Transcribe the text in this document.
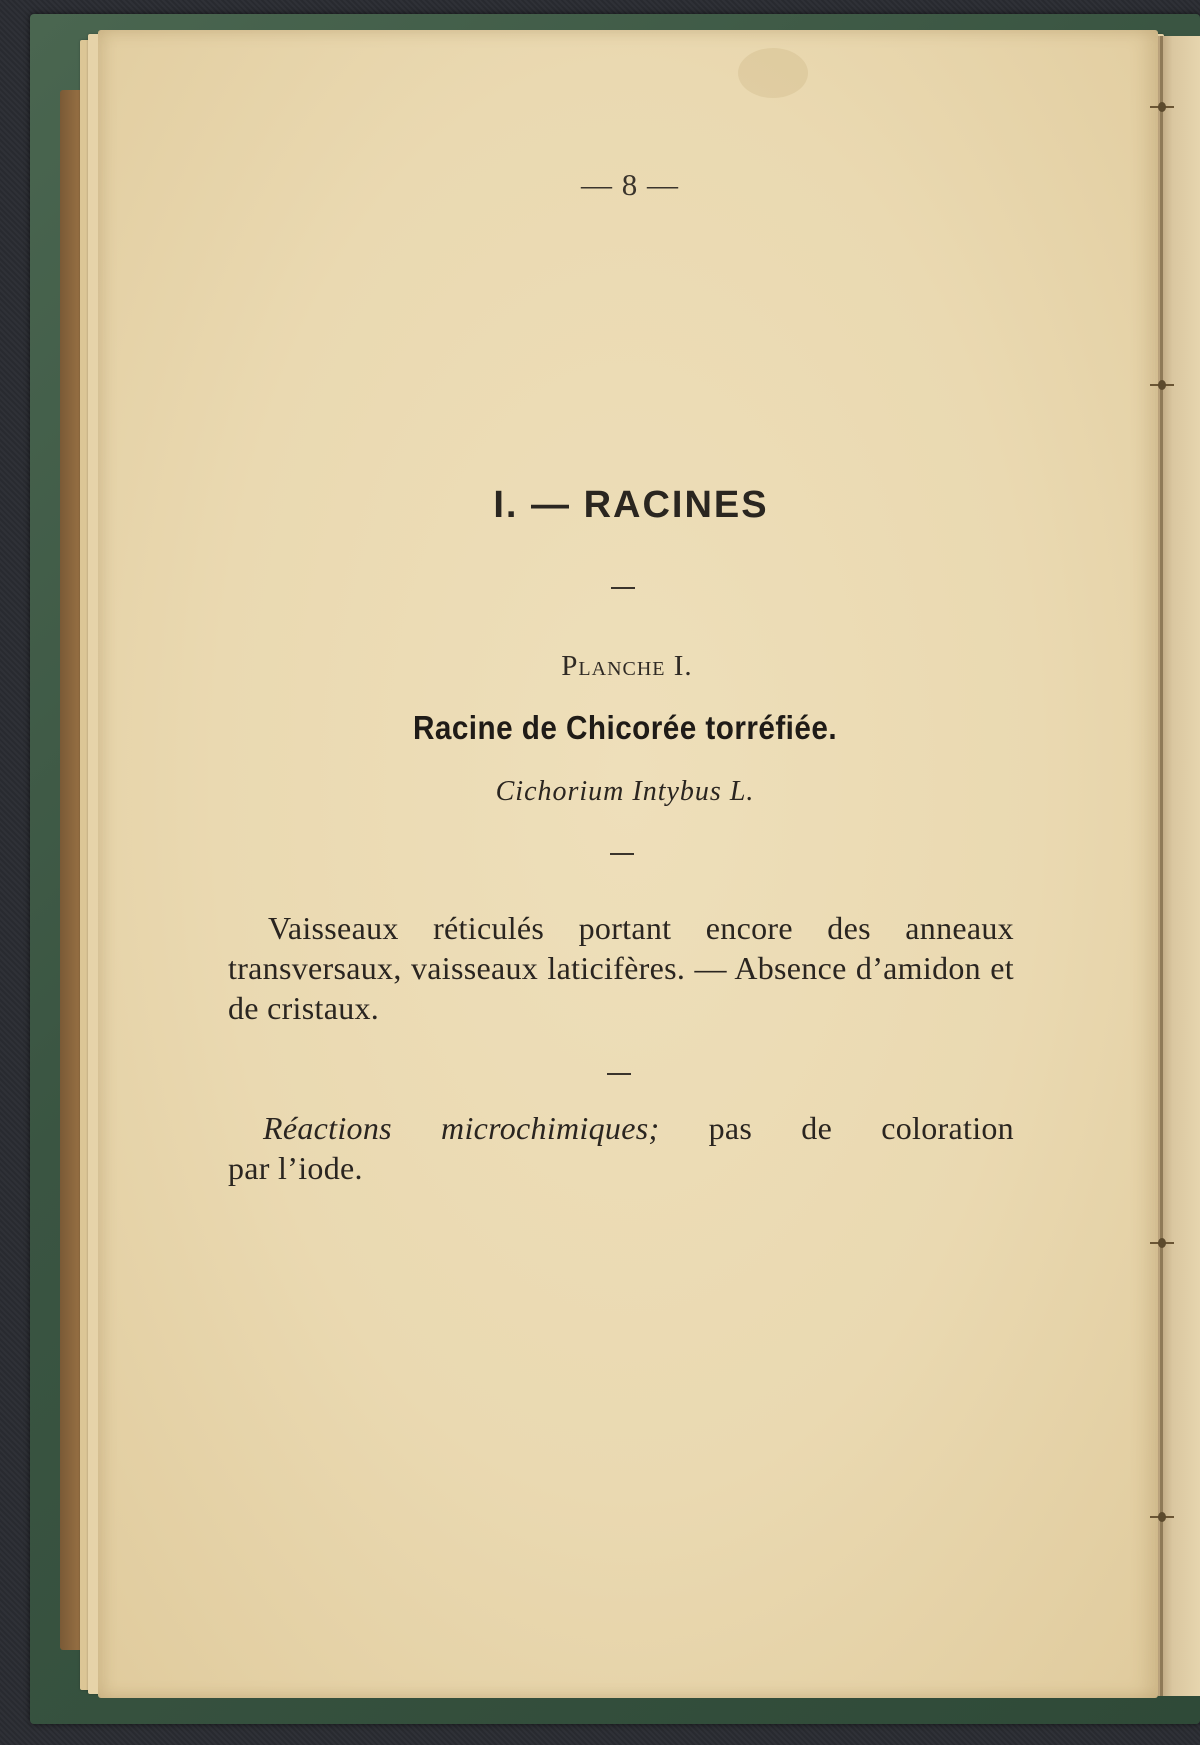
— 8 —
I. — RACINES
Planche I.
Racine de Chicorée torréfiée.
Cichorium Intybus L.
Vaisseaux réticulés portant encore des anneaux transversaux, vaisseaux laticifères. — Absence d’amidon et de cristaux.
Réactions microchimiques; pas de coloration
par l’iode.
